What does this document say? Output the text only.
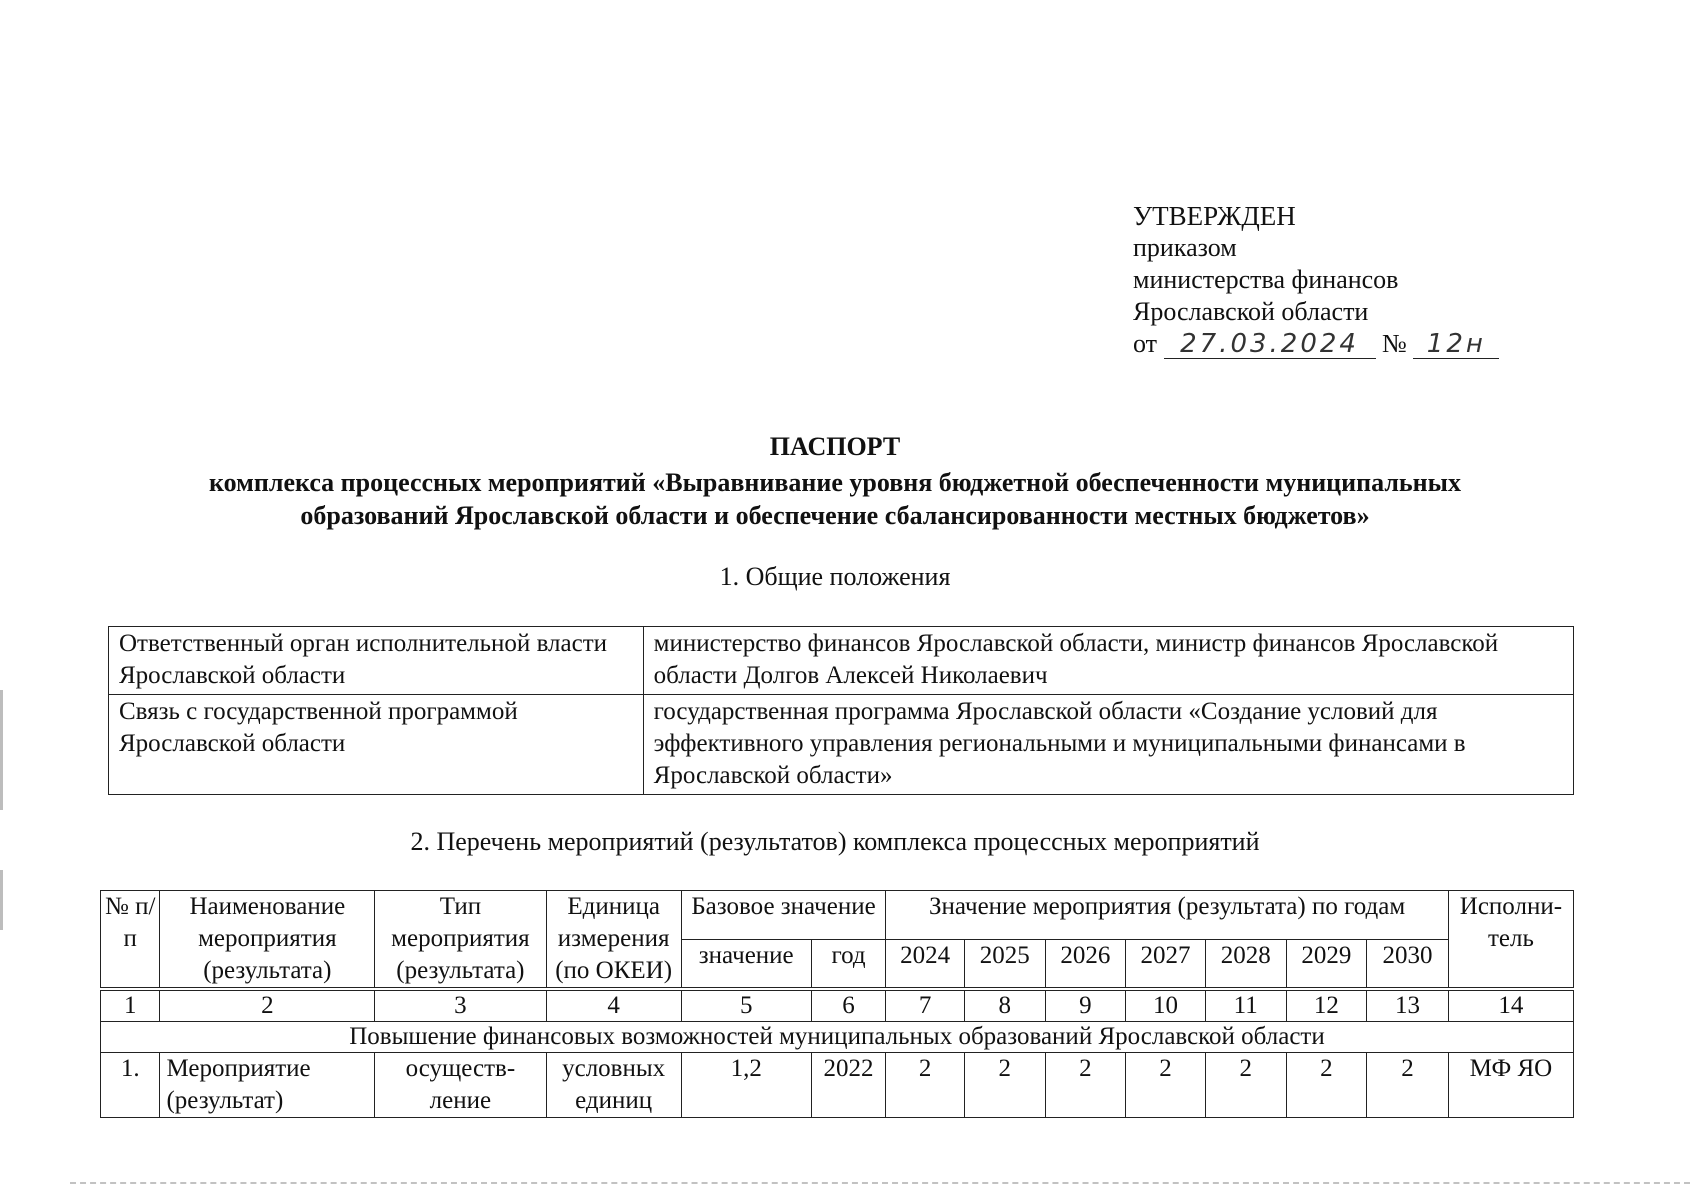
УТВЕРЖДЕН
приказом
министерства финансов
Ярославской области
от 27.03.2024 № 12н
ПАСПОРТ
комплекса процессных мероприятий «Выравнивание уровня бюджетной обеспеченности муниципальных
образований Ярославской области и обеспечение сбалансированности местных бюджетов»
1. Общие положения
Ответственный орган исполнительной власти Ярославской области	министерство финансов Ярославской области, министр финансов Ярославской области Долгов Алексей Николаевич
Связь с государственной программой Ярославской области	государственная программа Ярославской области «Создание условий для эффективного управления региональными и муниципальными финансами в Ярославской области»
2. Перечень мероприятий (результатов) комплекса процессных мероприятий
№ п/п	Наименование мероприятия (результата)	Тип мероприятия (результата)	Единица измерения (по ОКЕИ)	Базовое значение		Значение мероприятия (результата) по годам							Исполни-тель
				значение	год	2024	2025	2026	2027	2028	2029	2030	

1	2	3	4	5	6	7	8	9	10	11	12	13	14
Повышение финансовых возможностей муниципальных образований Ярославской области													
1.	Мероприятие (результат)	осуществ-ление	условных единиц	1,2	2022	2	2	2	2	2	2	2	МФ ЯО
